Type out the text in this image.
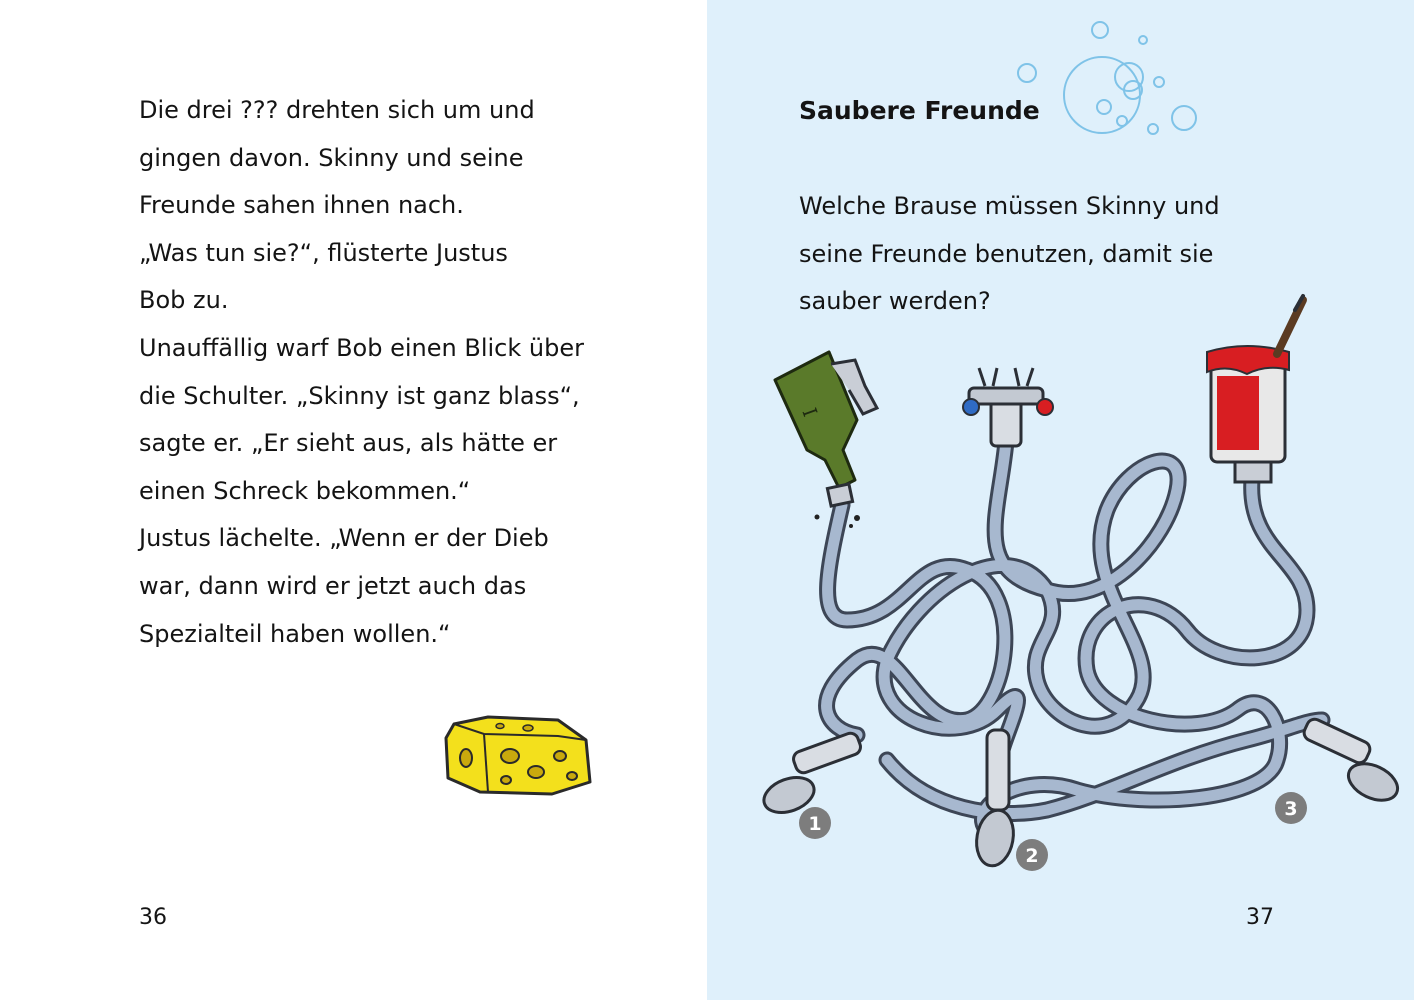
Die drei ??? drehten sich um und
gingen davon. Skinny und seine
Freunde sahen ihnen nach.
„Was tun sie?“, flüsterte Justus
Bob zu.
Unauffällig warf Bob einen Blick über
die Schulter. „Skinny ist ganz blass“,
sagte er. „Er sieht aus, als hätte er
einen Schreck bekommen.“
Justus lächelte. „Wenn er der Dieb
war, dann wird er jetzt auch das
Spezialteil haben wollen.“
36
Saubere Freunde
Welche Brause müssen Skinny und
seine Freunde benutzen, damit sie
sauber werden?
ꟷ
1
2
3
37
